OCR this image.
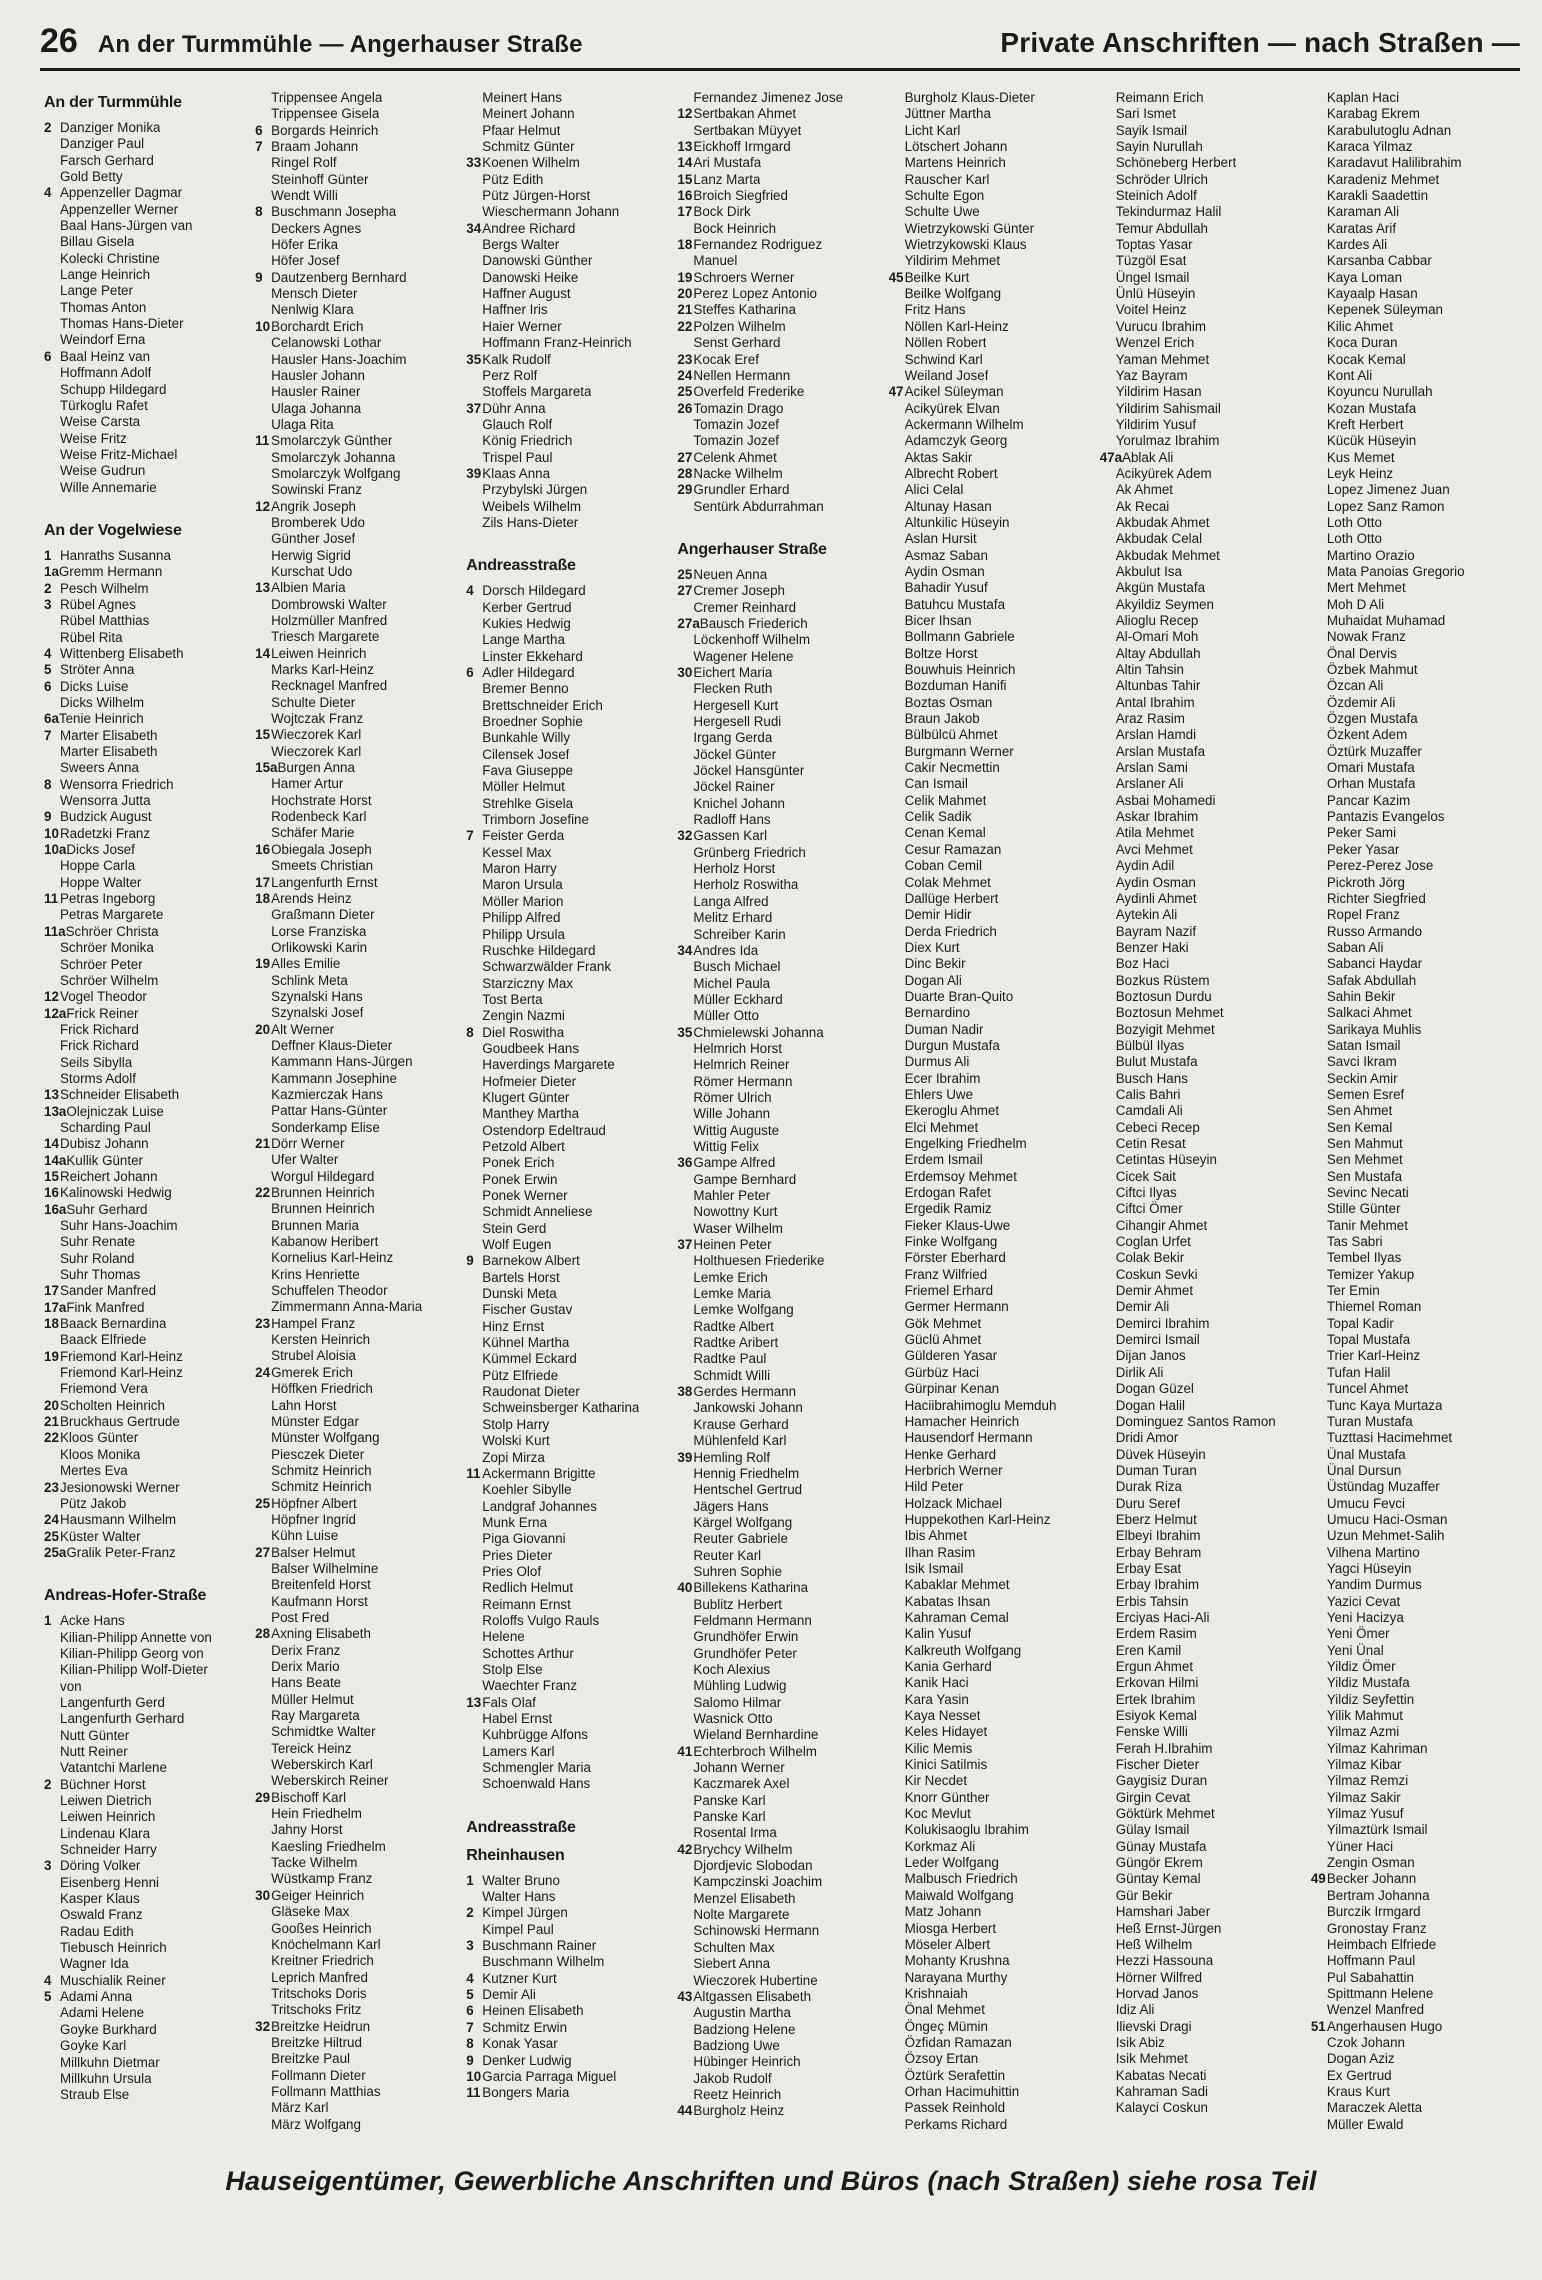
26 An der Turmmühle — Angerhauser Straße	Private Anschriften — nach Straßen —
An der Turmmühle
2 Danziger Monika
Danziger Paul
Farsch Gerhard
Gold Betty
4 Appenzeller Dagmar
Appenzeller Werner
Baal Hans-Jürgen van
Billau Gisela
Kolecki Christine
Lange Heinrich
Lange Peter
Thomas Anton
Thomas Hans-Dieter
Weindorf Erna
6 Baal Heinz van
Hoffmann Adolf
Schupp Hildegard
Türkoglu Rafet
Weise Carsta
Weise Fritz
Weise Fritz-Michael
Weise Gudrun
Wille Annemarie
An der Vogelwiese
1 Hanraths Susanna
1a Gremm Hermann
2 Pesch Wilhelm
3 Rübel Agnes
Rübel Matthias
Rübel Rita
4 Wittenberg Elisabeth
5 Ströter Anna
6 Dicks Luise
Dicks Wilhelm
6a Tenie Heinrich
7 Marter Elisabeth
Marter Elisabeth
Sweers Anna
8 Wensorra Friedrich
Wensorra Jutta
9 Budzick August
10 Radetzki Franz
10a Dicks Josef
Hoppe Carla
Hoppe Walter
11 Petras Ingeborg
Petras Margarete
11a Schröer Christa
Schröer Monika
Schröer Peter
Schröer Wilhelm
12 Vogel Theodor
12a Frick Reiner
Frick Richard
Frick Richard
Seils Sibylla
Storms Adolf
13 Schneider Elisabeth
13a Olejniczak Luise
Scharding Paul
14 Dubisz Johann
14a Kullik Günter
15 Reichert Johann
16 Kalinowski Hedwig
16a Suhr Gerhard
Suhr Hans-Joachim
Suhr Renate
Suhr Roland
Suhr Thomas
17 Sander Manfred
17a Fink Manfred
18 Baack Bernardina
Baack Elfriede
19 Friemond Karl-Heinz
Friemond Karl-Heinz
Friemond Vera
20 Scholten Heinrich
21 Bruckhaus Gertrude
22 Kloos Günter
Kloos Monika
Mertes Eva
23 Jesionowski Werner
Pütz Jakob
24 Hausmann Wilhelm
25 Küster Walter
25a Gralik Peter-Franz
Andreas-Hofer-Straße
1 Acke Hans
Kilian-Philipp Annette von
Kilian-Philipp Georg von
Kilian-Philipp Wolf-Dieter
von
Langenfurth Gerd
Langenfurth Gerhard
Nutt Günter
Nutt Reiner
Vatantchi Marlene
2 Büchner Horst
Leiwen Dietrich
Leiwen Heinrich
Lindenau Klara
Schneider Harry
3 Döring Volker
Eisenberg Henni
Kasper Klaus
Oswald Franz
Radau Edith
Tiebusch Heinrich
Wagner Ida
4 Muschialik Reiner
5 Adami Anna
Adami Helene
Goyke Burkhard
Goyke Karl
Millkuhn Dietmar
Millkuhn Ursula
Straub Else
Trippensee Angela
Trippensee Gisela
6 Borgards Heinrich
7 Braam Johann
Ringel Rolf
Steinhoff Günter
Wendt Willi
8 Buschmann Josepha
Deckers Agnes
Höfer Erika
Höfer Josef
9 Dautzenberg Bernhard
Mensch Dieter
Nenlwig Klara
10 Borchardt Erich
Celanowski Lothar
Hausler Hans-Joachim
Hausler Johann
Hausler Rainer
Ulaga Johanna
Ulaga Rita
11 Smolarczyk Günther
Smolarczyk Johanna
Smolarczyk Wolfgang
Sowinski Franz
12 Angrik Joseph
Bromberek Udo
Günther Josef
Herwig Sigrid
Kurschat Udo
13 Albien Maria
Dombrowski Walter
Holzmüller Manfred
Triesch Margarete
14 Leiwen Heinrich
Marks Karl-Heinz
Recknagel Manfred
Schulte Dieter
Wojtczak Franz
15 Wieczorek Karl
Wieczorek Karl
15a Burgen Anna
Hamer Artur
Hochstrate Horst
Rodenbeck Karl
Schäfer Marie
16 Obiegala Joseph
Smeets Christian
17 Langenfurth Ernst
18 Arends Heinz
Graßmann Dieter
Lorse Franziska
Orlikowski Karin
19 Alles Emilie
Schlink Meta
Szynalski Hans
Szynalski Josef
20 Alt Werner
Deffner Klaus-Dieter
Kammann Hans-Jürgen
Kammann Josephine
Kazmierczak Hans
Pattar Hans-Günter
Sonderkamp Elise
21 Dörr Werner
Ufer Walter
Worgul Hildegard
22 Brunnen Heinrich
Brunnen Heinrich
Brunnen Maria
Kabanow Heribert
Kornelius Karl-Heinz
Krins Henriette
Schuffelen Theodor
Zimmermann Anna-Maria
23 Hampel Franz
Kersten Heinrich
Strubel Aloisia
24 Gmerek Erich
Höffken Friedrich
Lahn Horst
Münster Edgar
Münster Wolfgang
Piesczek Dieter
Schmitz Heinrich
Schmitz Heinrich
25 Höpfner Albert
Höpfner Ingrid
Kühn Luise
27 Balser Helmut
Balser Wilhelmine
Breitenfeld Horst
Kaufmann Horst
Post Fred
28 Axning Elisabeth
Derix Franz
Derix Mario
Hans Beate
Müller Helmut
Ray Margareta
Schmidtke Walter
Tereick Heinz
Weberskirch Karl
Weberskirch Reiner
29 Bischoff Karl
Hein Friedhelm
Jahny Horst
Kaesling Friedhelm
Tacke Wilhelm
Wüstkamp Franz
30 Geiger Heinrich
Gläseke Max
Gooßes Heinrich
Knöchelmann Karl
Kreitner Friedrich
Leprich Manfred
Tritschoks Doris
Tritschoks Fritz
32 Breitzke Heidrun
Breitzke Hiltrud
Breitzke Paul
Follmann Dieter
Follmann Matthias
März Karl
März Wolfgang
Meinert Hans
Meinert Johann
Pfaar Helmut
Schmitz Günter
33 Koenen Wilhelm
Pütz Edith
Pütz Jürgen-Horst
Wieschermann Johann
34 Andree Richard
Bergs Walter
Danowski Günther
Danowski Heike
Haffner August
Haffner Iris
Haier Werner
Hoffmann Franz-Heinrich
35 Kalk Rudolf
Perz Rolf
Stoffels Margareta
37 Dühr Anna
Glauch Rolf
König Friedrich
Trispel Paul
39 Klaas Anna
Przybylski Jürgen
Weibels Wilhelm
Zils Hans-Dieter
Andreasstraße
4 Dorsch Hildegard
Kerber Gertrud
Kukies Hedwig
Lange Martha
Linster Ekkehard
6 Adler Hildegard
Bremer Benno
Brettschneider Erich
Broedner Sophie
Bunkahle Willy
Cilensek Josef
Fava Giuseppe
Möller Helmut
Strehlke Gisela
Trimborn Josefine
7 Feister Gerda
Kessel Max
Maron Harry
Maron Ursula
Möller Marion
Philipp Alfred
Philipp Ursula
Ruschke Hildegard
Schwarzwälder Frank
Starziczny Max
Tost Berta
Zengin Nazmi
8 Diel Roswitha
Goudbeek Hans
Haverdings Margarete
Hofmeier Dieter
Klugert Günter
Manthey Martha
Ostendorp Edeltraud
Petzold Albert
Ponek Erich
Ponek Erwin
Ponek Werner
Schmidt Anneliese
Stein Gerd
Wolf Eugen
9 Barnekow Albert
Bartels Horst
Dunski Meta
Fischer Gustav
Hinz Ernst
Kühnel Martha
Kümmel Eckard
Pütz Elfriede
Raudonat Dieter
Schweinsberger Katharina
Stolp Harry
Wolski Kurt
Zopi Mirza
11 Ackermann Brigitte
Koehler Sibylle
Landgraf Johannes
Munk Erna
Piga Giovanni
Pries Dieter
Pries Olof
Redlich Helmut
Reimann Ernst
Roloffs Vulgo Rauls
Helene
Schottes Arthur
Stolp Else
Waechter Franz
13 Fals Olaf
Habel Ernst
Kuhbrügge Alfons
Lamers Karl
Schmengler Maria
Schoenwald Hans
Andreasstraße
Rheinhausen
1 Walter Bruno
Walter Hans
2 Kimpel Jürgen
Kimpel Paul
3 Buschmann Rainer
Buschmann Wilhelm
4 Kutzner Kurt
5 Demir Ali
6 Heinen Elisabeth
7 Schmitz Erwin
8 Konak Yasar
9 Denker Ludwig
10 Garcia Parraga Miguel
11 Bongers Maria
Fernandez Jimenez Jose
12 Sertbakan Ahmet
Sertbakan Müyyet
13 Eickhoff Irmgard
14 Ari Mustafa
15 Lanz Marta
16 Broich Siegfried
17 Bock Dirk
Bock Heinrich
18 Fernandez Rodriguez
Manuel
19 Schroers Werner
20 Perez Lopez Antonio
21 Steffes Katharina
22 Polzen Wilhelm
Senst Gerhard
23 Kocak Eref
24 Nellen Hermann
25 Overfeld Frederike
26 Tomazin Drago
Tomazin Jozef
Tomazin Jozef
27 Celenk Ahmet
28 Nacke Wilhelm
29 Grundler Erhard
Sentürk Abdurrahman
Angerhauser Straße
25 Neuen Anna
27 Cremer Joseph
Cremer Reinhard
27a Bausch Friederich
Löckenhoff Wilhelm
Wagener Helene
30 Eichert Maria
Flecken Ruth
Hergesell Kurt
Hergesell Rudi
Irgang Gerda
Jöckel Günter
Jöckel Hansgünter
Jöckel Rainer
Knichel Johann
Radloff Hans
32 Gassen Karl
Grünberg Friedrich
Herholz Horst
Herholz Roswitha
Langa Alfred
Melitz Erhard
Schreiber Karin
34 Andres Ida
Busch Michael
Michel Paula
Müller Eckhard
Müller Otto
35 Chmielewski Johanna
Helmrich Horst
Helmrich Reiner
Römer Hermann
Römer Ulrich
Wille Johann
Wittig Auguste
Wittig Felix
36 Gampe Alfred
Gampe Bernhard
Mahler Peter
Nowottny Kurt
Waser Wilhelm
37 Heinen Peter
Holthuesen Friederike
Lemke Erich
Lemke Maria
Lemke Wolfgang
Radtke Albert
Radtke Aribert
Radtke Paul
Schmidt Willi
38 Gerdes Hermann
Jankowski Johann
Krause Gerhard
Mühlenfeld Karl
39 Hemling Rolf
Hennig Friedhelm
Hentschel Gertrud
Jägers Hans
Kärgel Wolfgang
Reuter Gabriele
Reuter Karl
Suhren Sophie
40 Billekens Katharina
Bublitz Herbert
Feldmann Hermann
Grundhöfer Erwin
Grundhöfer Peter
Koch Alexius
Mühling Ludwig
Salomo Hilmar
Wasnick Otto
Wieland Bernhardine
41 Echterbroch Wilhelm
Johann Werner
Kaczmarek Axel
Panske Karl
Panske Karl
Rosental Irma
42 Brychcy Wilhelm
Djordjevic Slobodan
Kampczinski Joachim
Menzel Elisabeth
Nolte Margarete
Schinowski Hermann
Schulten Max
Siebert Anna
Wieczorek Hubertine
43 Altgassen Elisabeth
Augustin Martha
Badziong Helene
Badziong Uwe
Hübinger Heinrich
Jakob Rudolf
Reetz Heinrich
44 Burgholz Heinz
Burgholz Klaus-Dieter
Jüttner Martha
Licht Karl
Lötschert Johann
Martens Heinrich
Rauscher Karl
Schulte Egon
Schulte Uwe
Wietrzykowski Günter
Wietrzykowski Klaus
Yildirim Mehmet
45 Beilke Kurt
Beilke Wolfgang
Fritz Hans
Nöllen Karl-Heinz
Nöllen Robert
Schwind Karl
Weiland Josef
47 Acikel Süleyman
Acikyürek Elvan
Ackermann Wilhelm
Adamczyk Georg
Aktas Sakir
Albrecht Robert
Alici Celal
Altunay Hasan
Altunkilic Hüseyin
Aslan Hursit
Asmaz Saban
Aydin Osman
Bahadir Yusuf
Batuhcu Mustafa
Bicer Ihsan
Bollmann Gabriele
Boltze Horst
Bouwhuis Heinrich
Bozduman Hanifi
Boztas Osman
Braun Jakob
Bülbülcü Ahmet
Burgmann Werner
Cakir Necmettin
Can Ismail
Celik Mahmet
Celik Sadik
Cenan Kemal
Cesur Ramazan
Coban Cemil
Colak Mehmet
Dallüge Herbert
Demir Hidir
Derda Friedrich
Diex Kurt
Dinc Bekir
Dogan Ali
Duarte Bran-Quito
Bernardino
Duman Nadir
Durgun Mustafa
Durmus Ali
Ecer Ibrahim
Ehlers Uwe
Ekeroglu Ahmet
Elci Mehmet
Engelking Friedhelm
Erdem Ismail
Erdemsoy Mehmet
Erdogan Rafet
Ergedik Ramiz
Fieker Klaus-Uwe
Finke Wolfgang
Förster Eberhard
Franz Wilfried
Friemel Erhard
Germer Hermann
Gök Mehmet
Güclü Ahmet
Gülderen Yasar
Gürbüz Haci
Gürpinar Kenan
Haciibrahimoglu Memduh
Hamacher Heinrich
Hausendorf Hermann
Henke Gerhard
Herbrich Werner
Hild Peter
Holzack Michael
Huppekothen Karl-Heinz
Ibis Ahmet
Ilhan Rasim
Isik Ismail
Kabaklar Mehmet
Kabatas Ihsan
Kahraman Cemal
Kalin Yusuf
Kalkreuth Wolfgang
Kania Gerhard
Kanik Haci
Kara Yasin
Kaya Nesset
Keles Hidayet
Kilic Memis
Kinici Satilmis
Kir Necdet
Knorr Günther
Koc Mevlut
Kolukisaoglu Ibrahim
Korkmaz Ali
Leder Wolfgang
Malbusch Friedrich
Maiwald Wolfgang
Matz Johann
Miosga Herbert
Möseler Albert
Mohanty Krushna
Narayana Murthy
Krishnaiah
Önal Mehmet
Öngeç Mümin
Özfidan Ramazan
Özsoy Ertan
Öztürk Serafettin
Orhan Hacimuhittin
Passek Reinhold
Perkams Richard
Reimann Erich
Sari Ismet
Sayik Ismail
Sayin Nurullah
Schöneberg Herbert
Schröder Ulrich
Steinich Adolf
Tekindurmaz Halil
Temur Abdullah
Toptas Yasar
Tüzgöl Esat
Üngel Ismail
Ünlü Hüseyin
Voitel Heinz
Vurucu Ibrahim
Wenzel Erich
Yaman Mehmet
Yaz Bayram
Yildirim Hasan
Yildirim Sahismail
Yildirim Yusuf
Yorulmaz Ibrahim
47a Ablak Ali
Acikyürek Adem
Ak Ahmet
Ak Recai
Akbudak Ahmet
Akbudak Celal
Akbudak Mehmet
Akbulut Isa
Akgün Mustafa
Akyildiz Seymen
Alioglu Recep
Al-Omari Moh
Altay Abdullah
Altin Tahsin
Altunbas Tahir
Antal Ibrahim
Araz Rasim
Arslan Hamdi
Arslan Mustafa
Arslan Sami
Arslaner Ali
Asbai Mohamedi
Askar Ibrahim
Atila Mehmet
Avci Mehmet
Aydin Adil
Aydin Osman
Aydinli Ahmet
Aytekin Ali
Bayram Nazif
Benzer Haki
Boz Haci
Bozkus Rüstem
Boztosun Durdu
Boztosun Mehmet
Bozyigit Mehmet
Bülbül Ilyas
Bulut Mustafa
Busch Hans
Calis Bahri
Camdali Ali
Cebeci Recep
Cetin Resat
Cetintas Hüseyin
Cicek Sait
Ciftci Ilyas
Ciftci Ömer
Cihangir Ahmet
Coglan Urfet
Colak Bekir
Coskun Sevki
Demir Ahmet
Demir Ali
Demirci Ibrahim
Demirci Ismail
Dijan Janos
Dirlik Ali
Dogan Güzel
Dogan Halil
Dominguez Santos Ramon
Dridi Amor
Düvek Hüseyin
Duman Turan
Durak Riza
Duru Seref
Eberz Helmut
Elbeyi Ibrahim
Erbay Behram
Erbay Esat
Erbay Ibrahim
Erbis Tahsin
Erciyas Haci-Ali
Erdem Rasim
Eren Kamil
Ergun Ahmet
Erkovan Hilmi
Ertek Ibrahim
Esiyok Kemal
Fenske Willi
Ferah H.Ibrahim
Fischer Dieter
Gaygisiz Duran
Girgin Cevat
Göktürk Mehmet
Gülay Ismail
Günay Mustafa
Güngör Ekrem
Güntay Kemal
Gür Bekir
Hamshari Jaber
Heß Ernst-Jürgen
Heß Wilhelm
Hezzi Hassouna
Hörner Wilfred
Horvad Janos
Idiz Ali
Ilievski Dragi
Isik Abiz
Isik Mehmet
Kabatas Necati
Kahraman Sadi
Kalayci Coskun
Kaplan Haci
Karabag Ekrem
Karabulutoglu Adnan
Karaca Yilmaz
Karadavut Halilibrahim
Karadeniz Mehmet
Karakli Saadettin
Karaman Ali
Karatas Arif
Kardes Ali
Karsanba Cabbar
Kaya Loman
Kayaalp Hasan
Kepenek Süleyman
Kilic Ahmet
Koca Duran
Kocak Kemal
Kont Ali
Koyuncu Nurullah
Kozan Mustafa
Kreft Herbert
Kücük Hüseyin
Kus Memet
Leyk Heinz
Lopez Jimenez Juan
Lopez Sanz Ramon
Loth Otto
Loth Otto
Martino Orazio
Mata Panoias Gregorio
Mert Mehmet
Moh D Ali
Muhaidat Muhamad
Nowak Franz
Önal Dervis
Özbek Mahmut
Özcan Ali
Özdemir Ali
Özgen Mustafa
Özkent Adem
Öztürk Muzaffer
Omari Mustafa
Orhan Mustafa
Pancar Kazim
Pantazis Evangelos
Peker Sami
Peker Yasar
Perez-Perez Jose
Pickroth Jörg
Richter Siegfried
Ropel Franz
Russo Armando
Saban Ali
Sabanci Haydar
Safak Abdullah
Sahin Bekir
Salkaci Ahmet
Sarikaya Muhlis
Satan Ismail
Savci Ikram
Seckin Amir
Semen Esref
Sen Ahmet
Sen Kemal
Sen Mahmut
Sen Mehmet
Sen Mustafa
Sevinc Necati
Stille Günter
Tanir Mehmet
Tas Sabri
Tembel Ilyas
Temizer Yakup
Ter Emin
Thiemel Roman
Topal Kadir
Topal Mustafa
Trier Karl-Heinz
Tufan Halil
Tuncel Ahmet
Tunc Kaya Murtaza
Turan Mustafa
Tuzttasi Hacimehmet
Ünal Mustafa
Ünal Dursun
Üstündag Muzaffer
Umucu Fevci
Umucu Haci-Osman
Uzun Mehmet-Salih
Vilhena Martino
Yagci Hüseyin
Yandim Durmus
Yazici Cevat
Yeni Hacizya
Yeni Ömer
Yeni Ünal
Yildiz Ömer
Yildiz Mustafa
Yildiz Seyfettin
Yilik Mahmut
Yilmaz Azmi
Yilmaz Kahriman
Yilmaz Kibar
Yilmaz Remzi
Yilmaz Sakir
Yilmaz Yusuf
Yilmaztürk Ismail
Yüner Haci
Zengin Osman
49 Becker Johann
Bertram Johanna
Burczik Irmgard
Gronostay Franz
Heimbach Elfriede
Hoffmann Paul
Pul Sabahattin
Spittmann Helene
Wenzel Manfred
51 Angerhausen Hugo
Czok Johann
Dogan Aziz
Ex Gertrud
Kraus Kurt
Maraczek Aletta
Müller Ewald
Hauseigentümer, Gewerbliche Anschriften und Büros (nach Straßen) siehe rosa Teil
